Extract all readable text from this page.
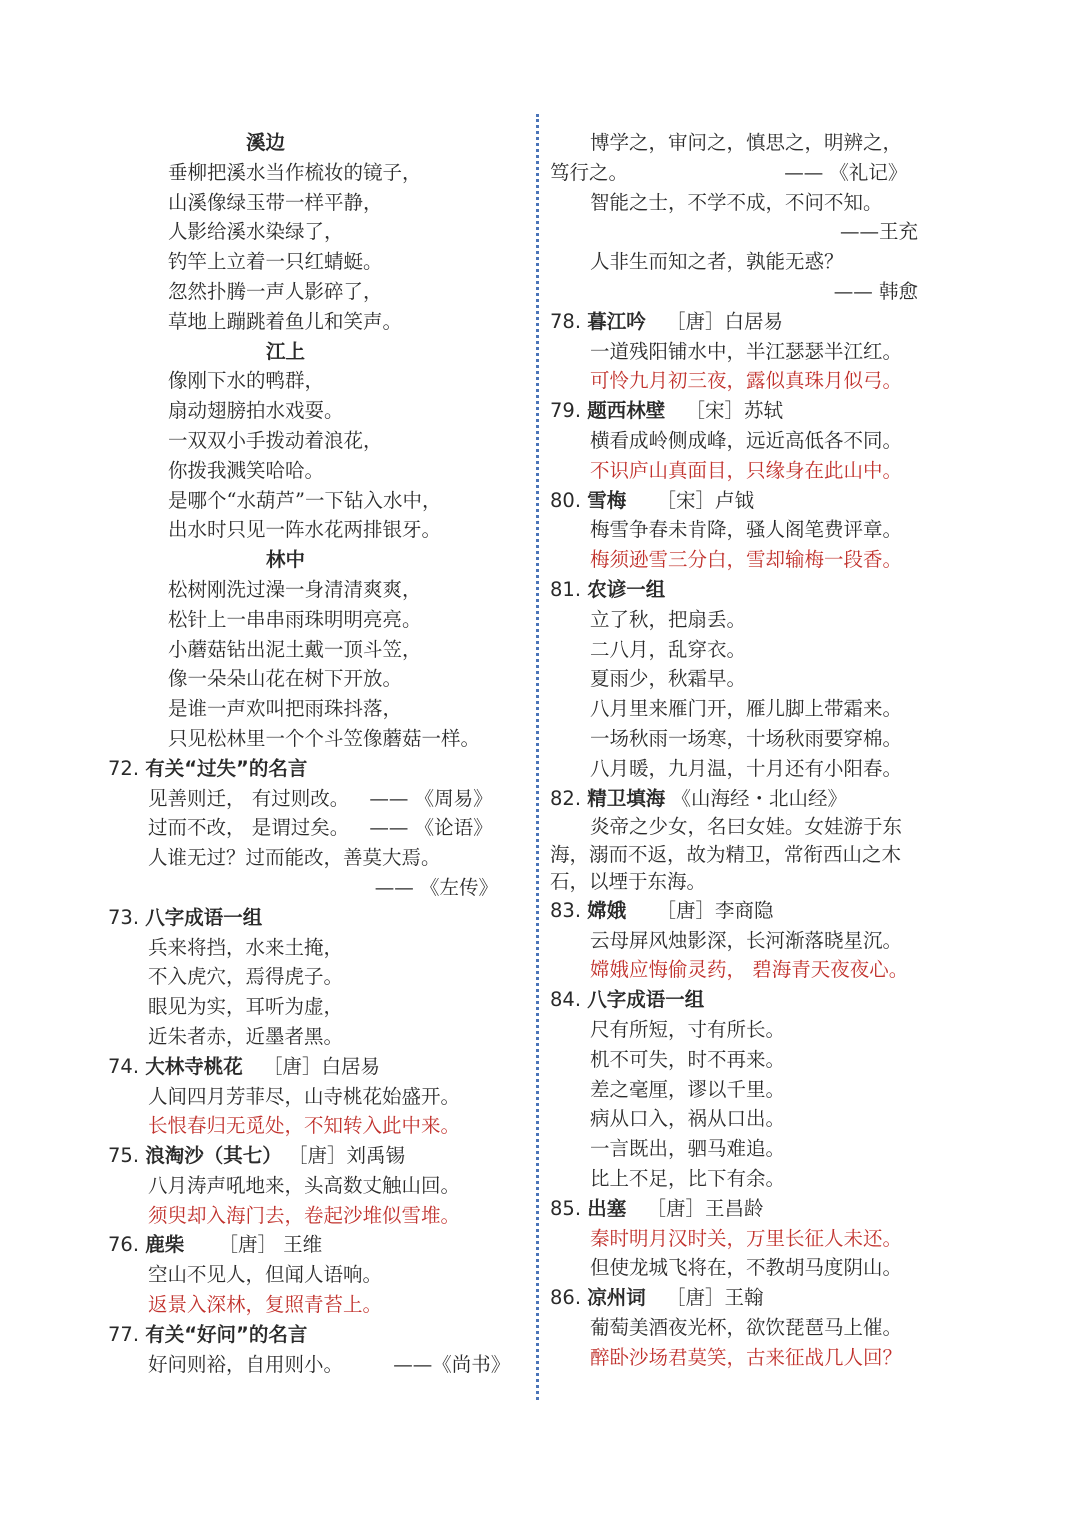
溪边
垂柳把溪水当作梳妆的镜子，
山溪像绿玉带一样平静，
人影给溪水染绿了，
钓竿上立着一只红蜻蜓。
忽然扑腾一声人影碎了，
草地上蹦跳着鱼儿和笑声。
江上
像刚下水的鸭群，
扇动翅膀拍水戏耍。
一双双小手拨动着浪花，
你拨我溅笑哈哈。
是哪个“水葫芦”一下钻入水中，
出水时只见一阵水花两排银牙。
林中
松树刚洗过澡一身清清爽爽，
松针上一串串雨珠明明亮亮。
小蘑菇钻出泥土戴一顶斗笠，
像一朵朵山花在树下开放。
是谁一声欢叫把雨珠抖落，
只见松林里一个个斗笠像蘑菇一样。
72. 有关“过失”的名言
见善则迁， 有过则改。 —— 《周易》
过而不改， 是谓过矣。 —— 《论语》
人谁无过？过而能改，善莫大焉。
—— 《左传》
73. 八字成语一组
兵来将挡，水来土掩，
不入虎穴，焉得虎子。
眼见为实，耳听为虚，
近朱者赤，近墨者黑。
74. 大林寺桃花 ［唐］白居易
人间四月芳菲尽，山寺桃花始盛开。
长恨春归无觅处，不知转入此中来。
75. 浪淘沙（其七） ［唐］刘禹锡
八月涛声吼地来，头高数丈触山回。
须臾却入海门去，卷起沙堆似雪堆。
76. 鹿柴 ［唐］ 王维
空山不见人，但闻人语响。
返景入深林，复照青苔上。
77. 有关“好问”的名言
好问则裕，自用则小。	——《尚书》
博学之，审问之，慎思之，明辨之，
笃行之。	—— 《礼记》
智能之士，不学不成，不问不知。
——王充
人非生而知之者，孰能无惑？
—— 韩愈
78. 暮江吟 ［唐］白居易
一道残阳铺水中，半江瑟瑟半江红。
可怜九月初三夜，露似真珠月似弓。
79. 题西林壁 ［宋］苏轼
横看成岭侧成峰，远近高低各不同。
不识庐山真面目，只缘身在此山中。
80. 雪梅 ［宋］卢钺
梅雪争春未肯降，骚人阁笔费评章。
梅须逊雪三分白，雪却输梅一段香。
81. 农谚一组
立了秋，把扇丢。
二八月，乱穿衣。
夏雨少，秋霜早。
八月里来雁门开，雁儿脚上带霜来。
一场秋雨一场寒，十场秋雨要穿棉。
八月暖，九月温，十月还有小阳春。
82. 精卫填海 《山海经・北山经》
炎帝之少女，名曰女娃。女娃游于东
海，溺而不返，故为精卫，常衔西山之木
石，以堙于东海。
83. 嫦娥 ［唐］李商隐
云母屏风烛影深，长河渐落晓星沉。
嫦娥应悔偷灵药， 碧海青天夜夜心。
84. 八字成语一组
尺有所短，寸有所长。
机不可失，时不再来。
差之毫厘，谬以千里。
病从口入，祸从口出。
一言既出，驷马难追。
比上不足，比下有余。
85. 出塞 ［唐］王昌龄
秦时明月汉时关，万里长征人未还。
但使龙城飞将在，不教胡马度阴山。
86. 凉州词 ［唐］王翰
葡萄美酒夜光杯，欲饮琵琶马上催。
醉卧沙场君莫笑，古来征战几人回？
